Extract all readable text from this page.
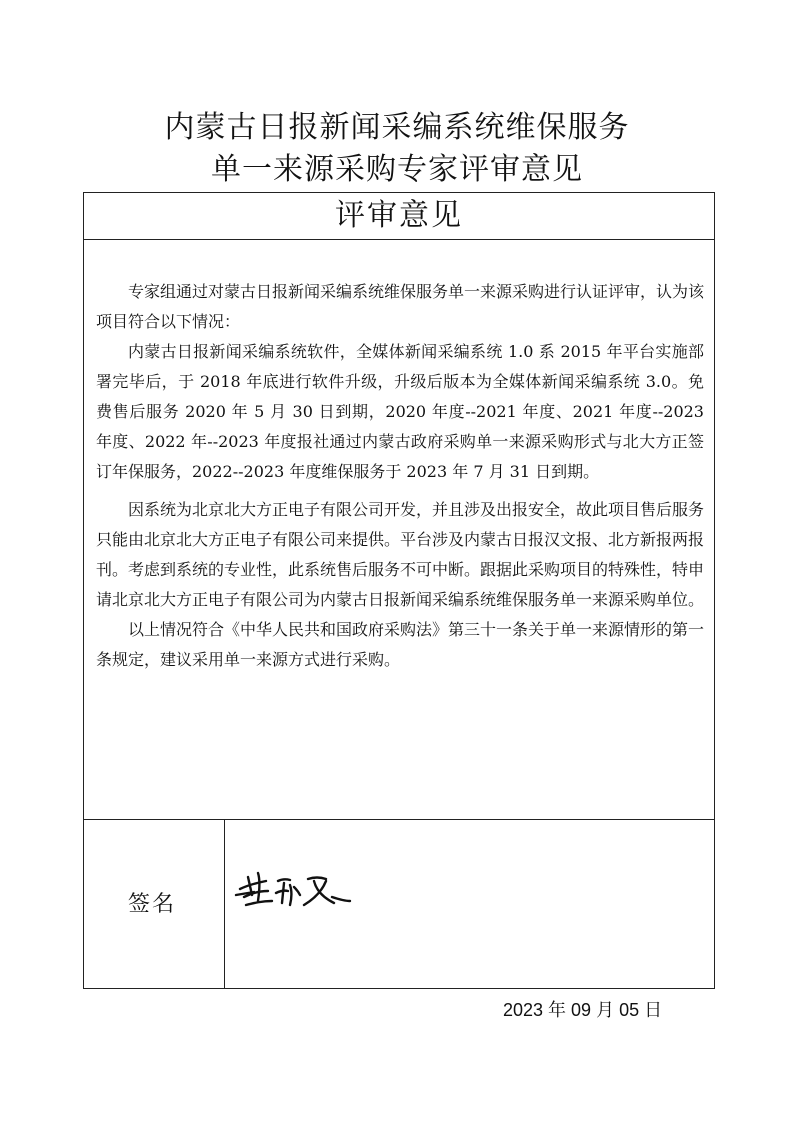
内蒙古日报新闻采编系统维保服务
单一来源采购专家评审意见
评审意见

专家组通过对蒙古日报新闻采编系统维保服务单一来源采购进行认证评审，认为该项目符合以下情况：

内蒙古日报新闻采编系统软件，全媒体新闻采编系统 1.0 系 2015 年平台实施部署完毕后，于 2018 年底进行软件升级，升级后版本为全媒体新闻采编系统 3.0。免费售后服务 2020 年 5 月 30 日到期，2020 年度--2021 年度、2021 年度--2023 年度、2022 年--2023 年度报社通过内蒙古政府采购单一来源采购形式与北大方正签订年保服务，2022--2023 年度维保服务于 2023 年 7 月 31 日到期。

因系统为北京北大方正电子有限公司开发，并且涉及出报安全，故此项目售后服务只能由北京北大方正电子有限公司来提供。平台涉及内蒙古日报汉文报、北方新报两报刊。考虑到系统的专业性，此系统售后服务不可中断。跟据此采购项目的特殊性，特申请北京北大方正电子有限公司为内蒙古日报新闻采编系统维保服务单一来源采购单位。

以上情况符合《中华人民共和国政府采购法》第三十一条关于单一来源情形的第一条规定，建议采用单一来源方式进行采购。

签名
2023 年 09 月 05 日
